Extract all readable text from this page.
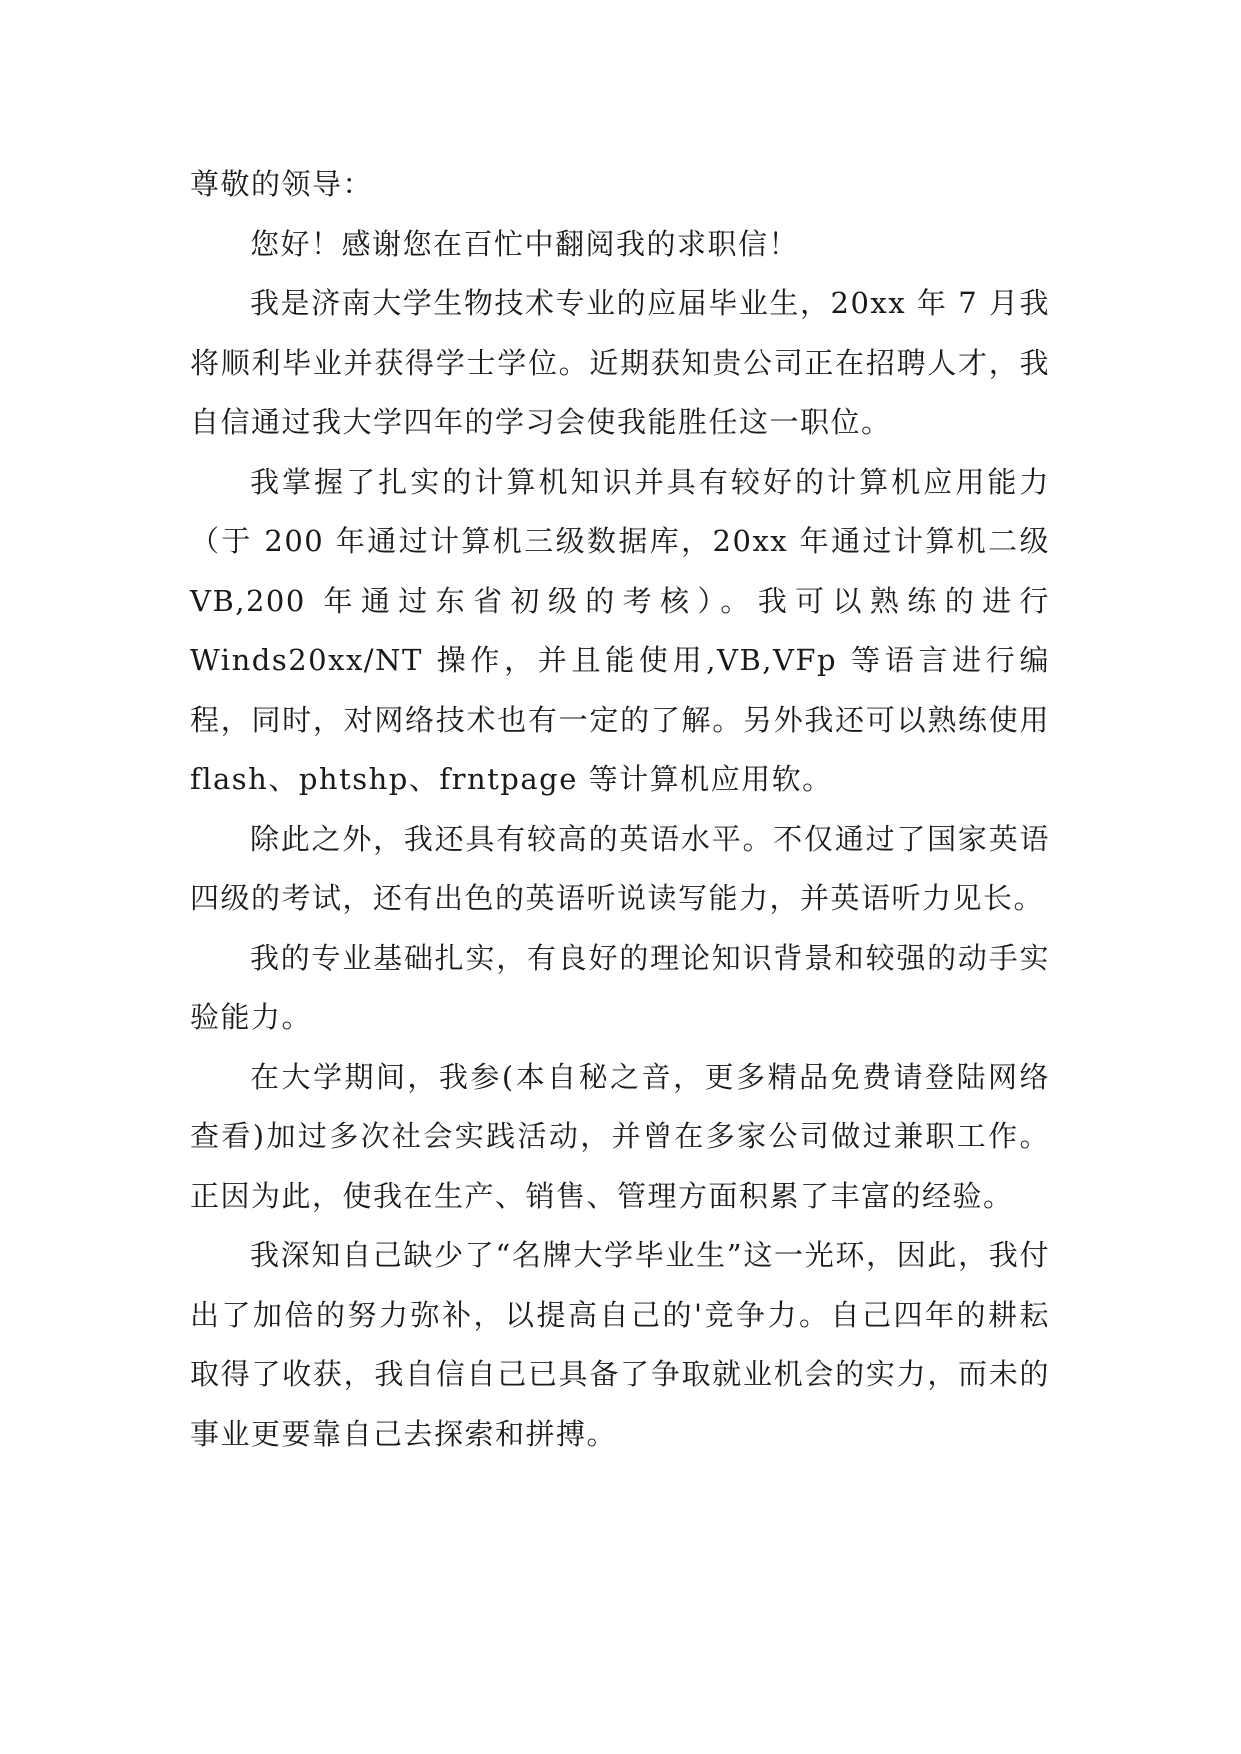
尊敬的领导：

您好！感谢您在百忙中翻阅我的求职信！

我是济南大学生物技术专业的应届毕业生，20xx 年 7 月我将顺利毕业并获得学士学位。近期获知贵公司正在招聘人才，我自信通过我大学四年的学习会使我能胜任这一职位。

我掌握了扎实的计算机知识并具有较好的计算机应用能力（于 200 年通过计算机三级数据库，20xx 年通过计算机二级 VB,200 年通过东省初级的考核）。我可以熟练的进行 Winds20xx/NT 操作，并且能使用,VB,VFp 等语言进行编程，同时，对网络技术也有一定的了解。另外我还可以熟练使用 flash、phtshp、frntpage 等计算机应用软。

除此之外，我还具有较高的英语水平。不仅通过了国家英语四级的考试，还有出色的英语听说读写能力，并英语听力见长。

我的专业基础扎实，有良好的理论知识背景和较强的动手实验能力。

在大学期间，我参(本自秘之音，更多精品免费请登陆网络查看)加过多次社会实践活动，并曾在多家公司做过兼职工作。正因为此，使我在生产、销售、管理方面积累了丰富的经验。

我深知自己缺少了“名牌大学毕业生”这一光环，因此，我付出了加倍的努力弥补，以提高自己的'竞争力。自己四年的耕耘取得了收获，我自信自己已具备了争取就业机会的实力，而未的事业更要靠自己去探索和拼搏。
